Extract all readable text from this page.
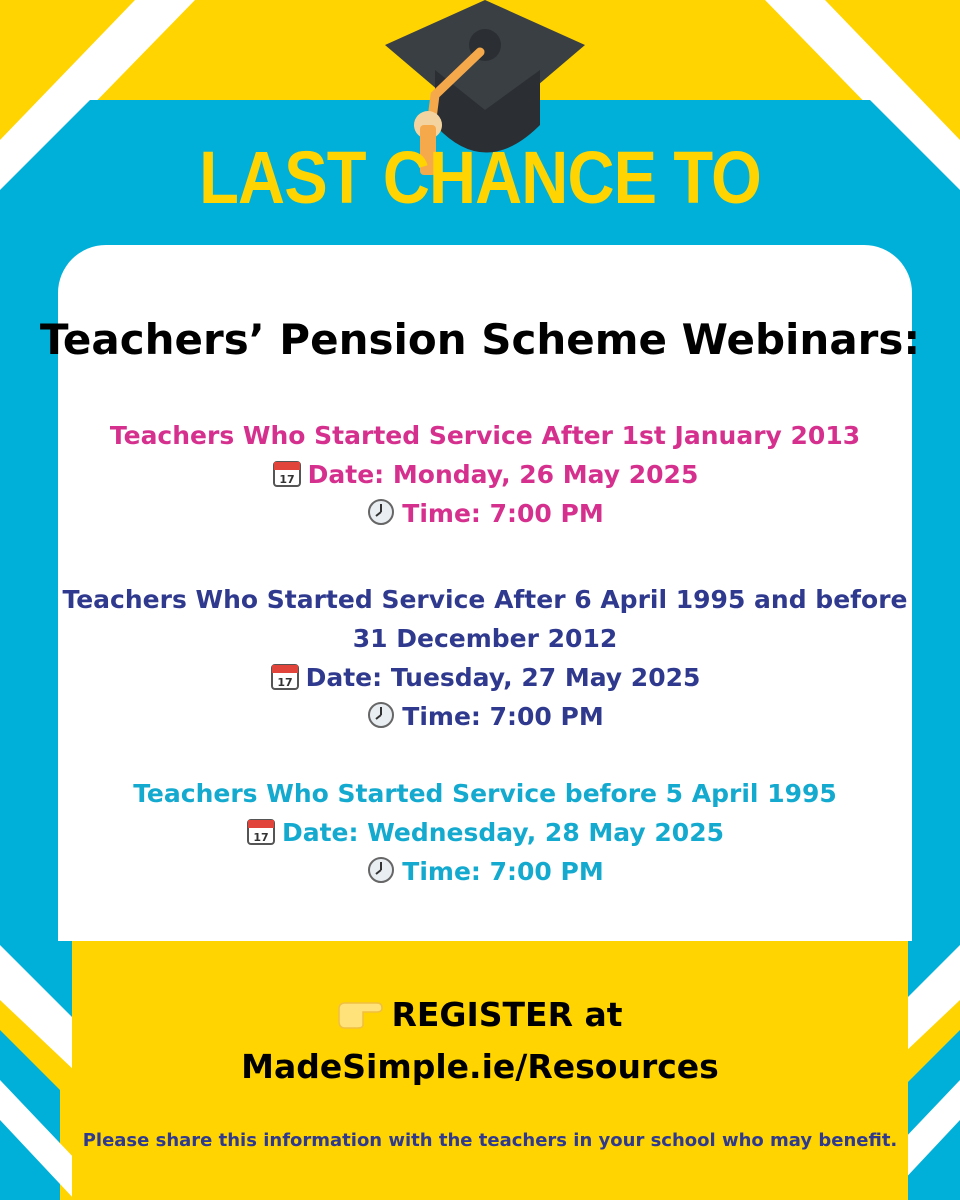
LAST CHANCE TO
Teachers’ Pension Scheme Webinars:
Teachers Who Started Service After 1st January 2013
17 Date: Monday, 26 May 2025
Time: 7:00 PM
Teachers Who Started Service After 6 April 1995 and before 31 December 2012
17 Date: Tuesday, 27 May 2025
Time: 7:00 PM
Teachers Who Started Service before 5 April 1995
17 Date: Wednesday, 28 May 2025
Time: 7:00 PM
REGISTER at
MadeSimple.ie/Resources
Please share this information with the teachers in your school who may benefit.
